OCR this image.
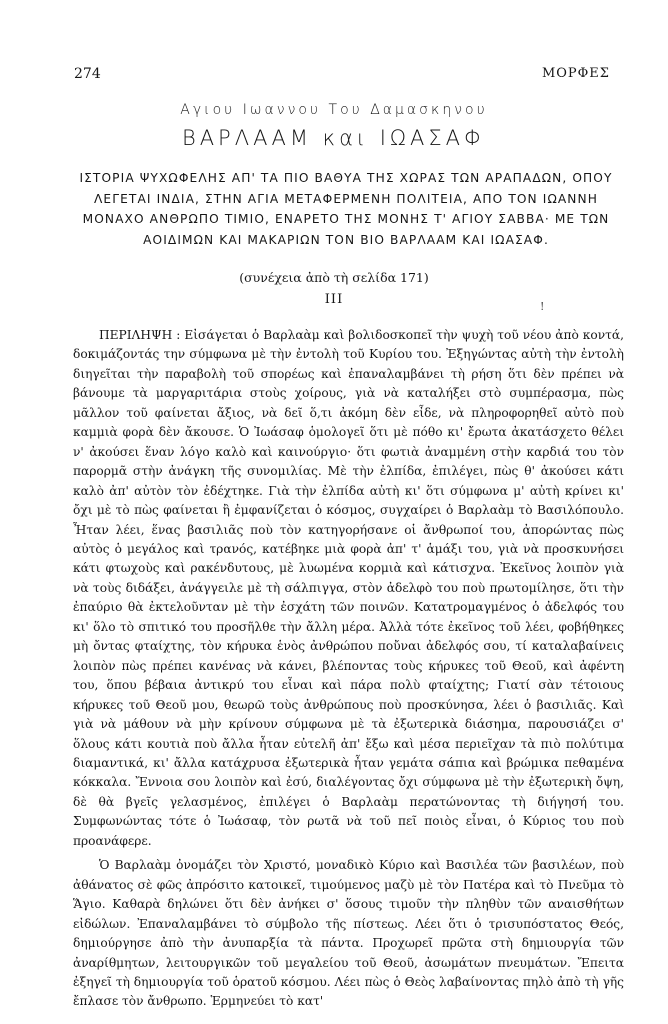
274	ΜΟΡΦΕΣ
Αγιου Ιωαννου Του Δαμασκηνου
ΒΑΡΛΑΑΜ και ΙΩΑΣΑΦ
ΙΣΤΟΡΙΑ ΨΥΧΩΦΕΛΗΣ ΑΠ' ΤΑ ΠΙΟ ΒΑΘΥΑ ΤΗΣ ΧΩΡΑΣ ΤΩΝ ΑΡΑΠΑΔΩΝ, ΟΠΟΥ ΛΕΓΕΤΑΙ ΙΝΔΙΑ, ΣΤΗΝ ΑΓΙΑ ΜΕΤΑΦΕΡΜΕΝΗ ΠΟΛΙΤΕΙΑ, ΑΠΟ ΤΟΝ ΙΩΑΝΝΗ ΜΟΝΑΧΟ ΑΝΘΡΩΠΟ ΤΙΜΙΟ, ΕΝΑΡΕΤΟ ΤΗΣ ΜΟΝΗΣ Τ' ΑΓΙΟΥ ΣΑΒΒΑ· ΜΕ ΤΩΝ ΑΟΙΔΙΜΩΝ ΚΑΙ ΜΑΚΑΡΙΩΝ ΤΟΝ ΒΙΟ ΒΑΡΛΑΑΜ ΚΑΙ ΙΩΑΣΑΦ.
(συνέχεια ἀπὸ τὴ σελίδα 171)
III	!

ΠΕΡΙΛΗΨΗ : Εἰσάγεται ὁ Βαρλαὰμ καὶ βολιδοσκοπεῖ τὴν ψυχὴ τοῦ νέου ἀπὸ κοντά, δοκιμάζοντάς την σύμφωνα μὲ τὴν ἐντολὴ τοῦ Κυρίου του. Ἐξηγώντας αὐτὴ τὴν ἐντολὴ διηγεῖται τὴν παραβολὴ τοῦ σπορέως καὶ ἐπαναλαμβάνει τὴ ρήση ὅτι δὲν πρέπει νὰ βάνουμε τὰ μαργαριτάρια στοὺς χοίρους, γιὰ νὰ καταλήξει στὸ συμπέρασμα, πὼς μᾶλλον τοῦ φαίνεται ἄξιος, νὰ δεῖ ὅ,τι ἀκόμη δὲν εἶδε, νὰ πληροφορηθεῖ αὐτὸ ποὺ καμμιὰ φορὰ δὲν ἄκουσε. Ὁ Ἰωάσαφ ὁμολογεῖ ὅτι μὲ πόθο κι' ἔρωτα ἀκατάσχετο θέλει ν' ἀκούσει ἕναν λόγο καλὸ καὶ καινούργιο· ὅτι φωτιὰ ἀναμμένη στὴν καρδιά του τὸν παρορμᾶ στὴν ἀνάγκη τῆς συνομιλίας. Μὲ τὴν ἐλπίδα, ἐπιλέγει, πὼς θ' ἀκούσει κάτι καλὸ ἀπ' αὐτὸν τὸν ἐδέχτηκε. Γιὰ τὴν ἐλπίδα αὐτὴ κι' ὅτι σύμφωνα μ' αὐτὴ κρίνει κι' ὄχι μὲ τὸ πὼς φαίνεται ἢ ἐμφανίζεται ὁ κόσμος, συγχαίρει ὁ Βαρλαὰμ τὸ Βασιλόπουλο. Ἦταν λέει, ἕνας βασιλιᾶς ποὺ τὸν κατηγορήσανε οἱ ἄνθρωποί του, ἀπορώντας πὼς αὐτὸς ὁ μεγάλος καὶ τρανός, κατέβηκε μιὰ φορὰ ἀπ' τ' ἁμάξι του, γιὰ νὰ προσκυνήσει κάτι φτωχοὺς καὶ ρακένδυτους, μὲ λυωμένα κορμιὰ καὶ κάτισχνα. Ἐκεῖνος λοιπὸν γιὰ νὰ τοὺς διδάξει, ἀνάγγειλε μὲ τὴ σάλπιγγα, στὸν ἀδελφὸ του ποὺ πρωτομίλησε, ὅτι τὴν ἐπαύριο θὰ ἐκτελοῦνταν μὲ τὴν ἐσχάτη τῶν ποινῶν. Κατατρομαγμένος ὁ ἀδελφός του κι' ὅλο τὸ σπιτικό του προσῆλθε τὴν ἄλλη μέρα. Ἀλλὰ τότε ἐκεῖνος τοῦ λέει, φοβήθηκες μὴ ὄντας φταίχτης, τὸν κήρυκα ἑνὸς ἀνθρώπου ποὔναι ἀδελφός σου, τί καταλαβαίνεις λοιπὸν πὼς πρέπει κανένας νὰ κάνει, βλέποντας τοὺς κήρυκες τοῦ Θεοῦ, καὶ ἀφέντη του, ὅπου βέβαια ἀντικρύ του εἶναι καὶ πάρα πολὺ φταίχτης; Γιατί σὰν τέτοιους κήρυκες τοῦ Θεοῦ μου, θεωρῶ τοὺς ἀνθρώπους ποὺ προσκύνησα, λέει ὁ βασιλιᾶς. Καὶ γιὰ νὰ μάθουν νὰ μὴν κρίνουν σύμφωνα μὲ τὰ ἐξωτερικὰ διάσημα, παρουσιάζει σ' ὅλους κάτι κουτιὰ ποὺ ἄλλα ἦταν εὐτελῆ ἀπ' ἔξω καὶ μέσα περιεῖχαν τὰ πιὸ πολύτιμα διαμαντικά, κι' ἄλλα κατάχρυσα ἐξωτερικὰ ἦταν γεμάτα σάπια καὶ βρώμικα πεθαμένα κόκκαλα. Ἔννοια σου λοιπὸν καὶ ἐσύ, διαλέγοντας ὄχι σύμφωνα μὲ τὴν ἐξωτερικὴ ὄψη, δὲ θὰ βγεῖς γελασμένος, ἐπιλέγει ὁ Βαρλαὰμ περατώνοντας τὴ διήγησή του. Συμφωνώντας τότε ὁ Ἰωάσαφ, τὸν ρωτᾶ νὰ τοῦ πεῖ ποιὸς εἶναι, ὁ Κύριος του ποὺ προανάφερε.

Ὁ Βαρλαὰμ ὀνομάζει τὸν Χριστό, μοναδικὸ Κύριο καὶ Βασιλέα τῶν βασιλέων, ποὺ ἀθάνατος σὲ φῶς ἀπρόσιτο κατοικεῖ, τιμούμενος μαζὺ μὲ τὸν Πατέρα καὶ τὸ Πνεῦμα τὸ Ἅγιο. Καθαρὰ δηλώνει ὅτι δὲν ἀνήκει σ' ὅσους τιμοῦν τὴν πληθὺν τῶν αναισθήτων εἰδώλων. Ἐπαναλαμβάνει τὸ σύμβολο τῆς πίστεως. Λέει ὅτι ὁ τρισυπόστατος Θεός, δημιούργησε ἀπὸ τὴν ἀνυπαρξία τὰ πάντα. Προχωρεῖ πρῶτα στὴ δημιουργία τῶν ἀναρίθμητων, λειτουργικῶν τοῦ μεγαλείου τοῦ Θεοῦ, ἀσωμάτων πνευμάτων. Ἔπειτα ἐξηγεῖ τὴ δημιουργία τοῦ ὁρατοῦ κόσμου. Λέει πὼς ὁ Θεὸς λαβαίνοντας πηλὸ ἀπὸ τὴ γῆς ἔπλασε τὸν ἄνθρωπο. Ἑρμηνεύει τὸ κατ'
